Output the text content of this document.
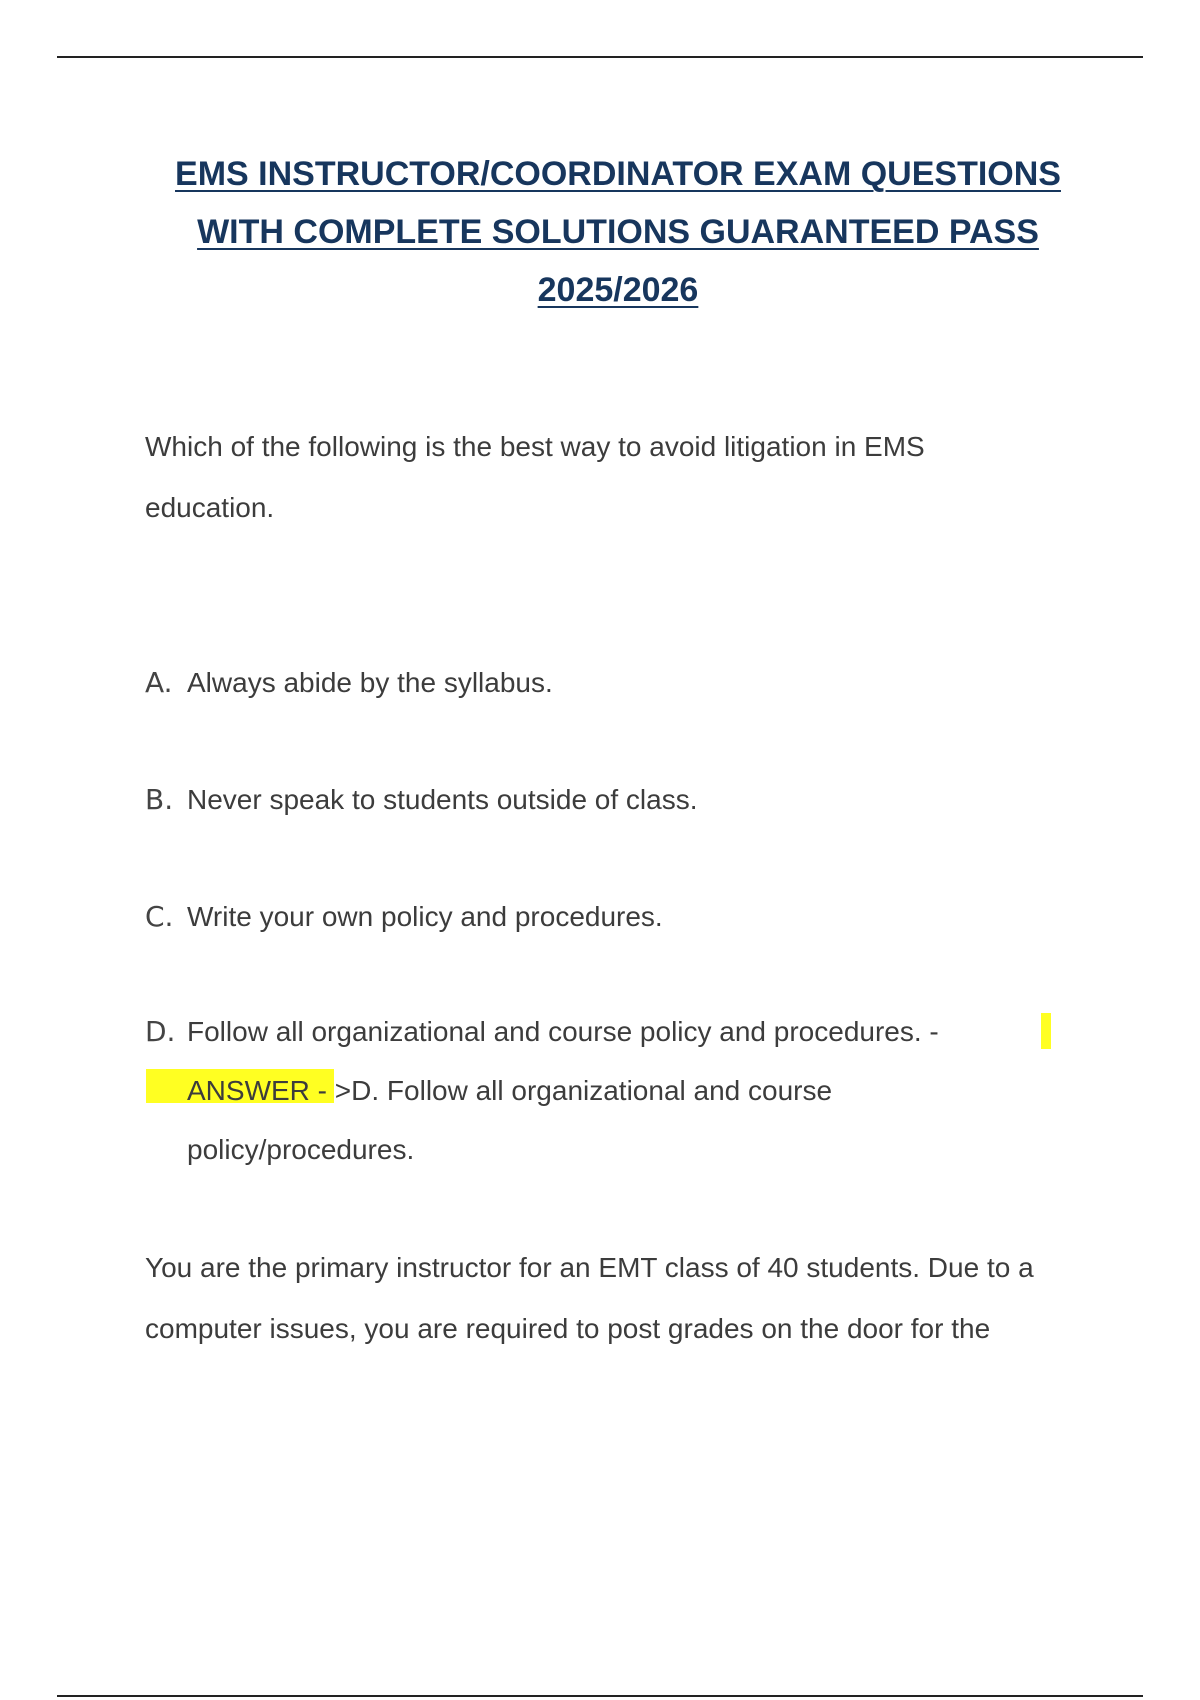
EMS INSTRUCTOR/COORDINATOR EXAM QUESTIONS
WITH COMPLETE SOLUTIONS GUARANTEED PASS
2025/2026
Which of the following is the best way to avoid litigation in EMS
education.
A. Always abide by the syllabus.
B. Never speak to students outside of class.
C. Write your own policy and procedures.
D. Follow all organizational and course policy and procedures. -
ANSWER - >D. Follow all organizational and course
policy/procedures.
You are the primary instructor for an EMT class of 40 students. Due to a
computer issues, you are required to post grades on the door for the
